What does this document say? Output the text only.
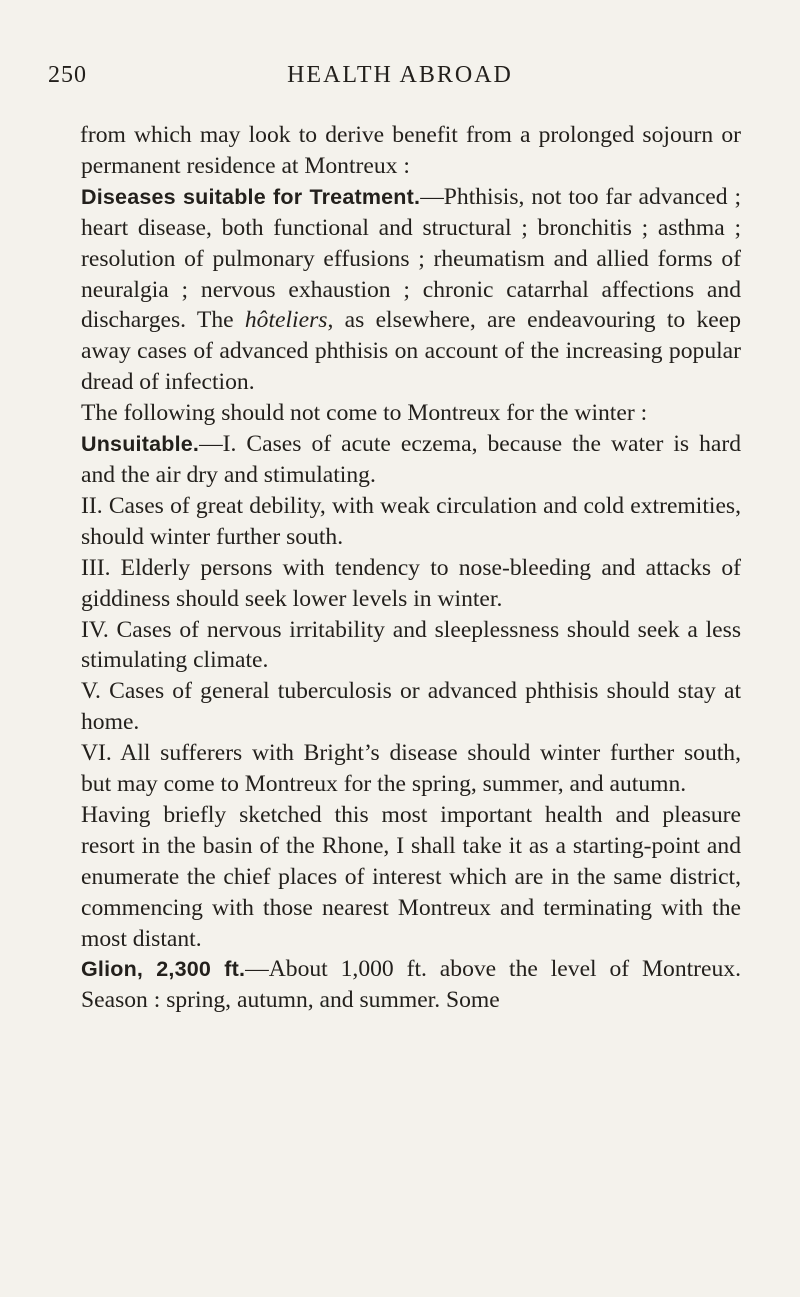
250	HEALTH ABROAD

from which may look to derive benefit from a prolonged sojourn or permanent residence at Montreux :

Diseases suitable for Treatment.—Phthisis, not too far advanced ; heart disease, both functional and structural ; bronchitis ; asthma ; resolution of pulmonary effusions ; rheumatism and allied forms of neuralgia ; nervous exhaustion ; chronic catarrhal affections and discharges. The hôteliers, as elsewhere, are endeavouring to keep away cases of advanced phthisis on account of the increasing popular dread of infection.

The following should not come to Montreux for the winter :

Unsuitable.—I. Cases of acute eczema, because the water is hard and the air dry and stimulating.

II. Cases of great debility, with weak circulation and cold extremities, should winter further south.

III. Elderly persons with tendency to nose-bleeding and attacks of giddiness should seek lower levels in winter.

IV. Cases of nervous irritability and sleeplessness should seek a less stimulating climate.

V. Cases of general tuberculosis or advanced phthisis should stay at home.

VI. All sufferers with Bright’s disease should winter further south, but may come to Montreux for the spring, summer, and autumn.

Having briefly sketched this most important health and pleasure resort in the basin of the Rhone, I shall take it as a starting-point and enumerate the chief places of interest which are in the same district, commencing with those nearest Montreux and terminating with the most distant.

Glion, 2,300 ft.—About 1,000 ft. above the level of Montreux. Season : spring, autumn, and summer. Some
